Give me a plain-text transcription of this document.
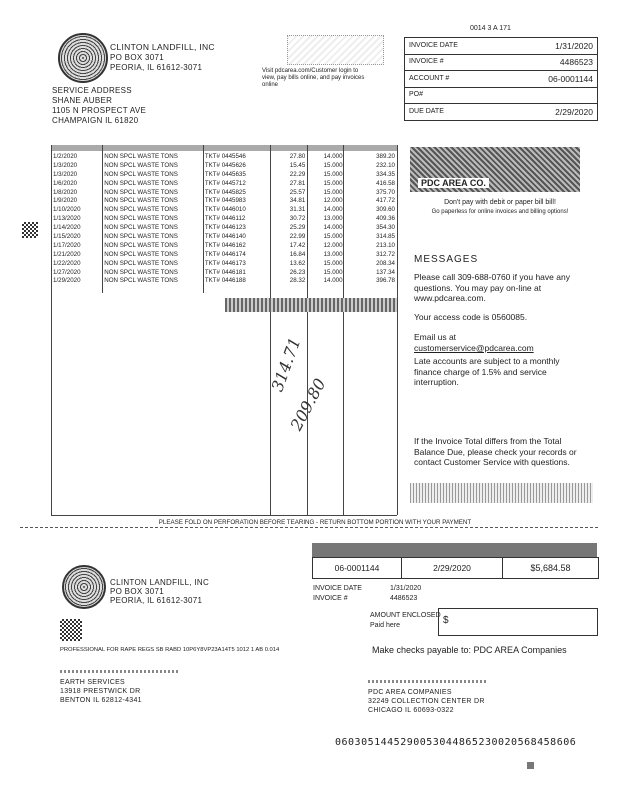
CLINTON LANDFILL, INC
PO BOX 3071
PEORIA, IL 61612-3071	Visit pdcarea.com/Customer login to view, pay bills online, and pay invoices online
0014 3 A 171
SERVICE ADDRESS
SHANE AUBER
1105 N PROSPECT AVE
CHAMPAIGN IL 61820
INVOICE DATE	1/31/2020
INVOICE #	4486523
ACCOUNT #	06-0001144
PO#
DUE DATE	2/29/2020
1/2/2020	NON SPCL WASTE TONS	TKT# 0445546	27.80	14.000	389.20
1/3/2020	NON SPCL WASTE TONS	TKT# 0445626	15.45	15.000	232.10
1/3/2020	NON SPCL WASTE TONS	TKT# 0445635	22.29	15.000	334.35
1/6/2020	NON SPCL WASTE TONS	TKT# 0445712	27.81	15.000	416.58
1/8/2020	NON SPCL WASTE TONS	TKT# 0445825	25.57	15.000	375.70
1/9/2020	NON SPCL WASTE TONS	TKT# 0445983	34.81	12.000	417.72
1/10/2020	NON SPCL WASTE TONS	TKT# 0446010	31.31	14.000	309.60
1/13/2020	NON SPCL WASTE TONS	TKT# 0446112	30.72	13.000	409.36
1/14/2020	NON SPCL WASTE TONS	TKT# 0446123	25.29	14.000	354.30
1/15/2020	NON SPCL WASTE TONS	TKT# 0446140	22.99	15.000	314.85
1/17/2020	NON SPCL WASTE TONS	TKT# 0446162	17.42	12.000	213.10
1/21/2020	NON SPCL WASTE TONS	TKT# 0446174	16.84	13.000	312.72
1/22/2020	NON SPCL WASTE TONS	TKT# 0446173	13.62	15.000	208.34
1/27/2020	NON SPCL WASTE TONS	TKT# 0446181	26.23	15.000	137.34
1/29/2020	NON SPCL WASTE TONS	TKT# 0446188	28.32	14.000	396.78
314.71
209.80
PDC AREA CO.
Don't pay with debit or paper bill bill!
Go paperless for online invoices and billing options!
MESSAGES
Please call 309-688-0760 if you have any questions. You may pay on-line at www.pdcarea.com.
Your access code is 0560085.
Email us at
customerservice@pdcarea.com
Late accounts are subject to a monthly finance charge of 1.5% and service interruption.
If the Invoice Total differs from the Total Balance Due, please check your records or contact Customer Service with questions.
PLEASE FOLD ON PERFORATION BEFORE TEARING - RETURN BOTTOM PORTION WITH YOUR PAYMENT
06-0001144	2/29/2020	$5,684.58
CLINTON LANDFILL, INC
PO BOX 3071
PEORIA, IL 61612-3071
INVOICE DATE	1/31/2020
INVOICE #	4486523
AMOUNT ENCLOSED
Paid here	$
Make checks payable to: PDC AREA Companies
PROFESSIONAL FOR RAPE REGS SB RABD 10P6Y8VP23A14T5 1012 1 AB 0.014
EARTH SERVICES
13918 PRESTWICK DR
BENTON IL 62812-4341
PDC AREA COMPANIES
32249 COLLECTION CENTER DR
CHICAGO IL 60693-0322
0603051445290053044865230020568458606
